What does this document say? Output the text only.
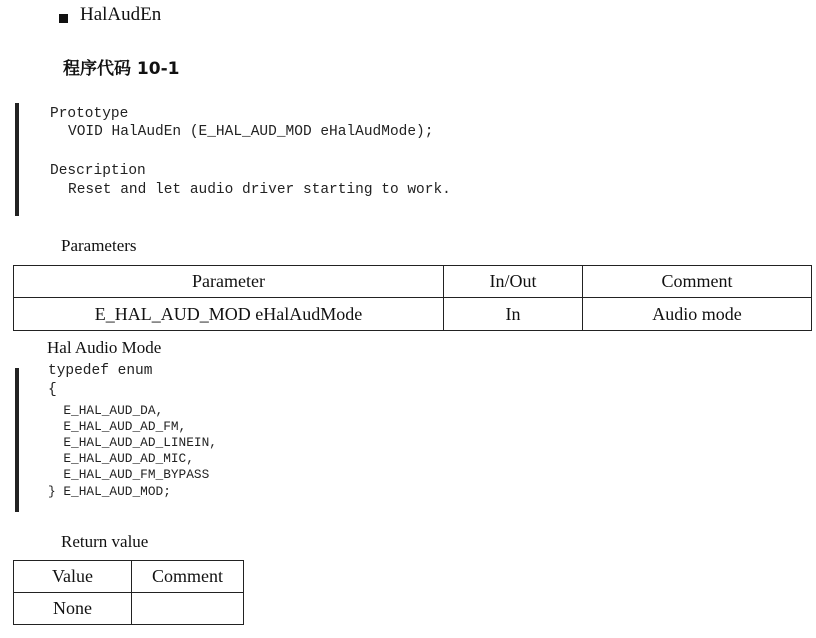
HalAudEn
程序代码 10-1
Prototype
VOID HalAudEn (E_HAL_AUD_MOD eHalAudMode);
Description
Reset and let audio driver starting to work.
Parameters
Parameter	In/Out	Comment
E_HAL_AUD_MOD eHalAudMode	In	Audio mode
Hal Audio Mode
typedef enum
{
E_HAL_AUD_DA,
E_HAL_AUD_AD_FM,
E_HAL_AUD_AD_LINEIN,
E_HAL_AUD_AD_MIC,
E_HAL_AUD_FM_BYPASS
} E_HAL_AUD_MOD;
Return value
Value	Comment
None	
